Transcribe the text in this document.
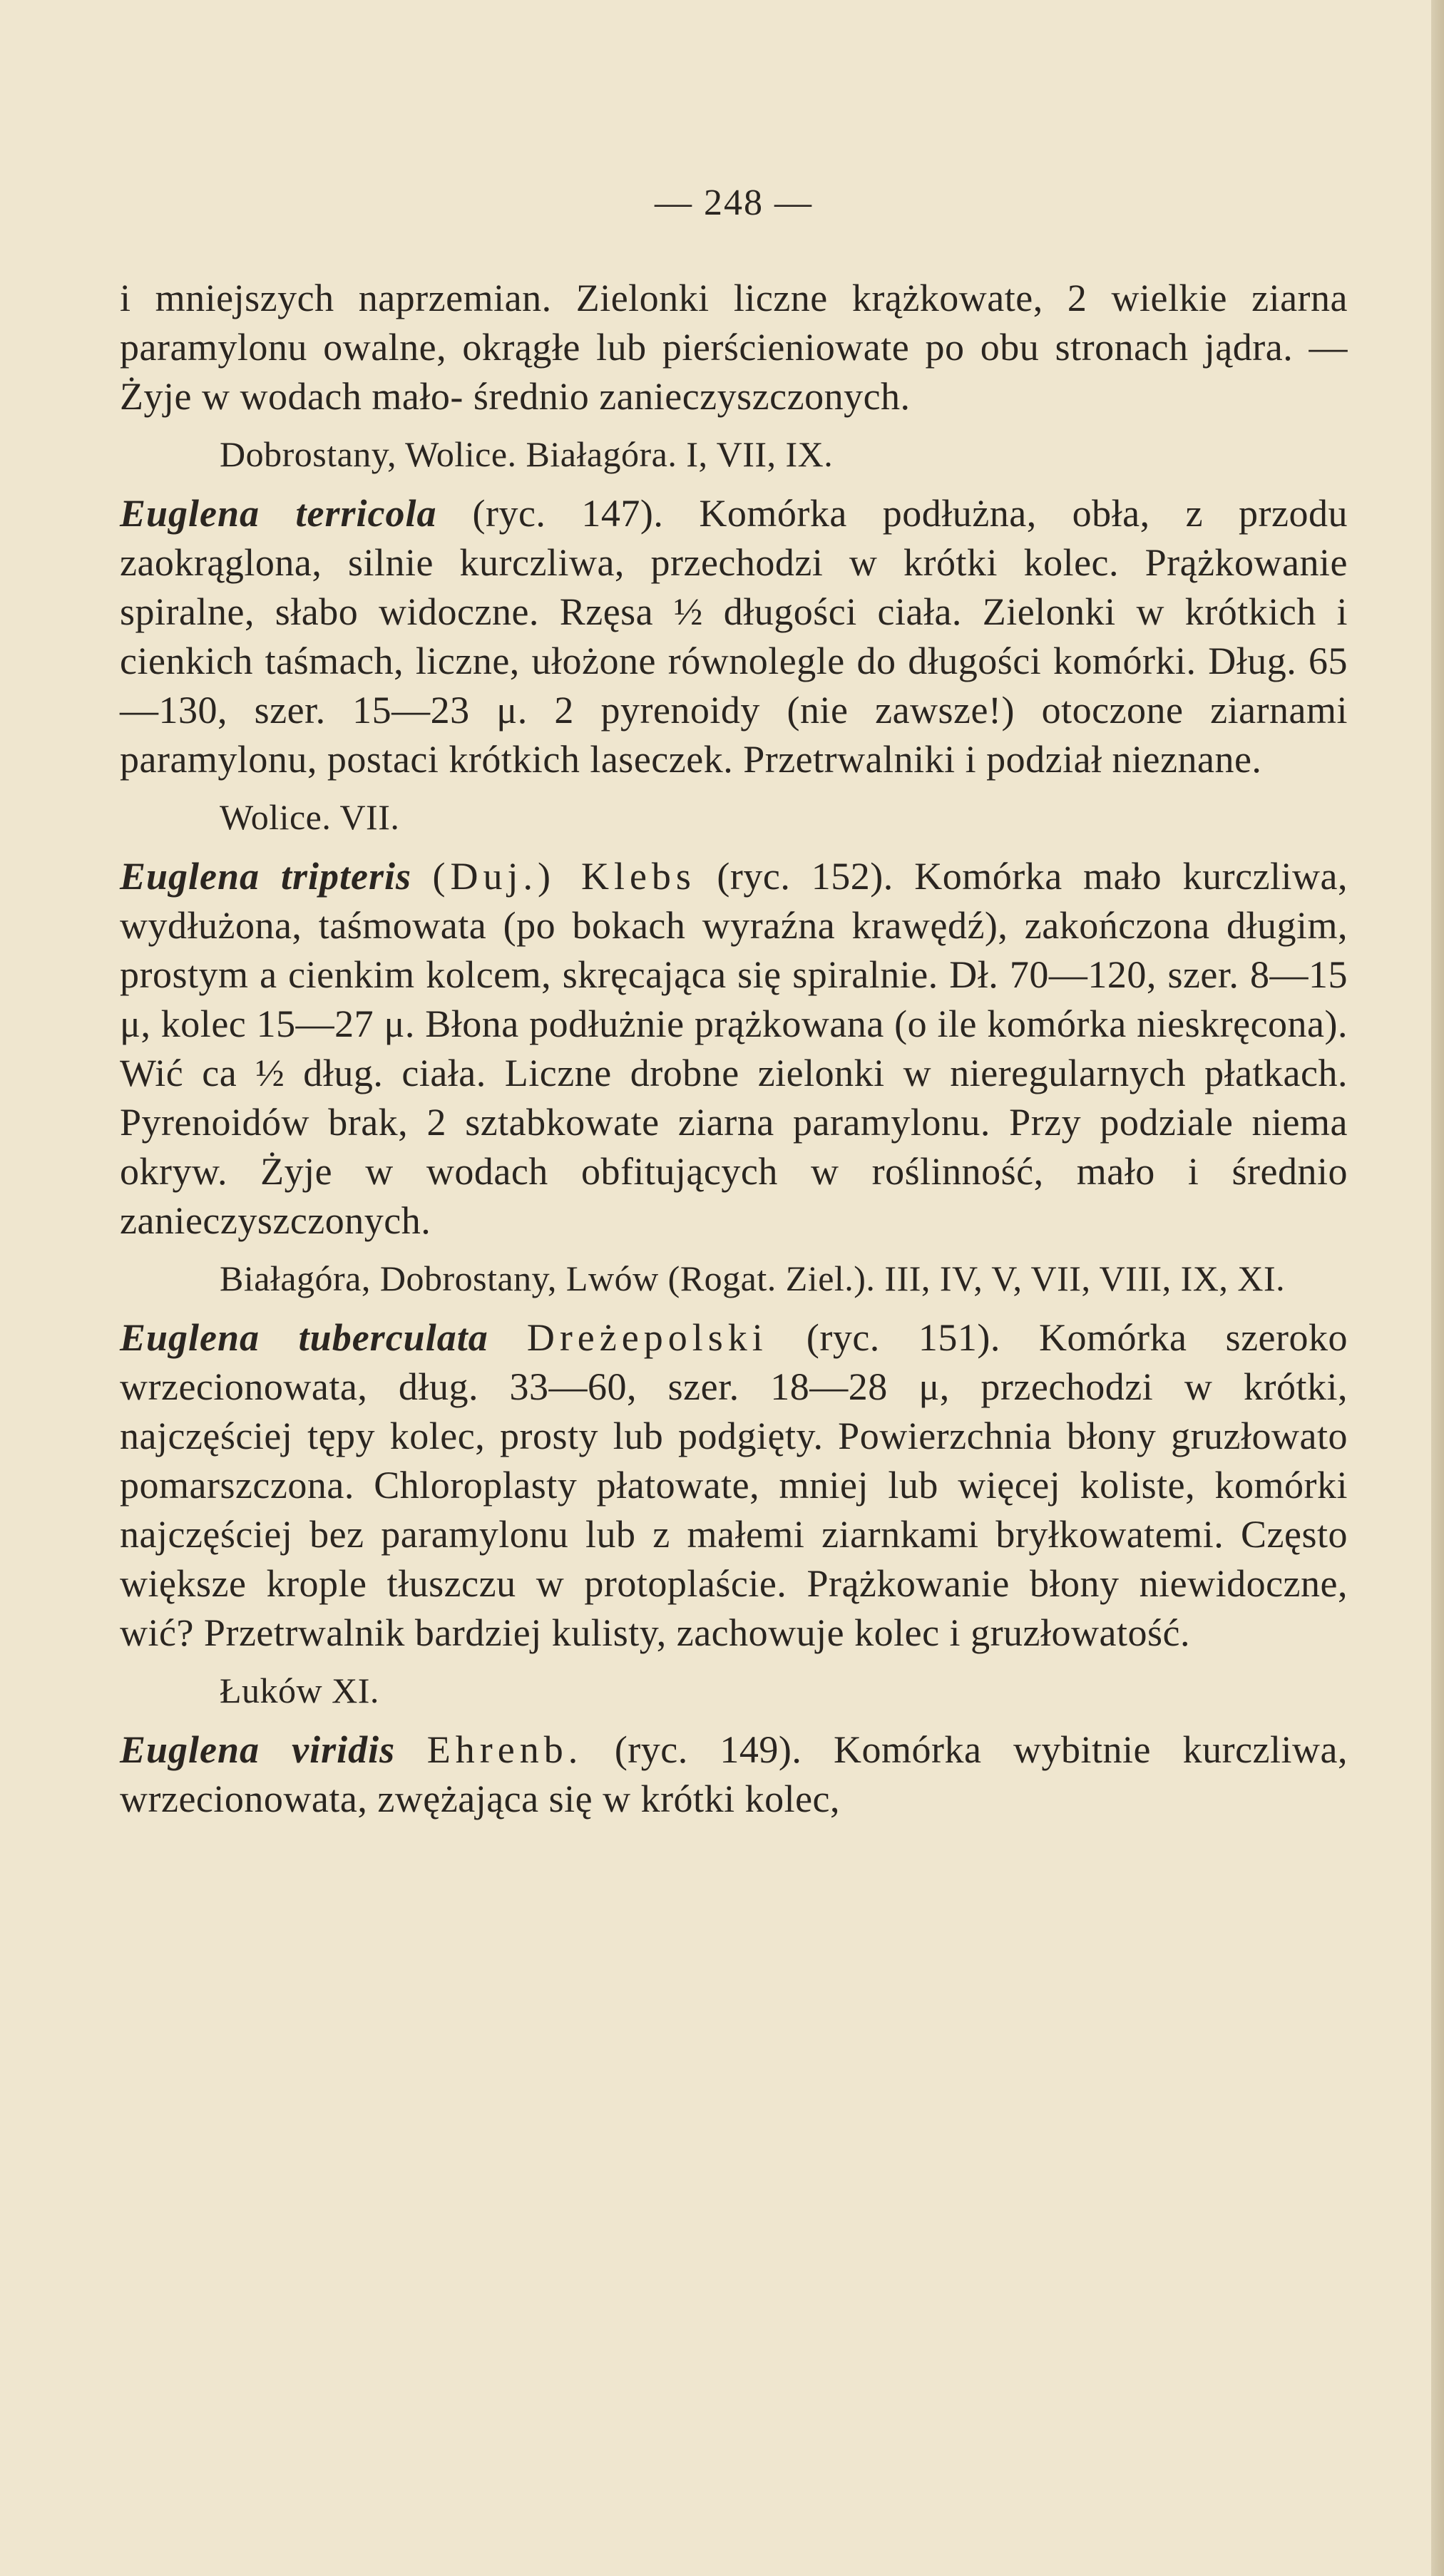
— 248 —

i mniejszych naprzemian. Zielonki liczne krążkowate, 2 wielkie ziarna paramylonu owalne, okrągłe lub pierścieniowate po obu stronach jądra. — Żyje w wodach mało- średnio zanieczyszczonych.

Dobrostany, Wolice. Białagóra. I, VII, IX.

Euglena terricola (ryc. 147). Komórka podłużna, obła, z przodu zaokrąglona, silnie kurczliwa, przechodzi w krótki kolec. Prążkowanie spiralne, słabo widoczne. Rzęsa ½ długości ciała. Zielonki w krótkich i cienkich taśmach, liczne, ułożone równolegle do długości komórki. Dług. 65—130, szer. 15—23 μ. 2 pyrenoidy (nie zawsze!) otoczone ziarnami paramylonu, postaci krótkich laseczek. Przetrwalniki i podział nieznane.

Wolice. VII.

Euglena tripteris (Duj.) Klebs (ryc. 152). Komórka mało kurczliwa, wydłużona, taśmowata (po bokach wyraźna krawędź), zakończona długim, prostym a cienkim kolcem, skręcająca się spiralnie. Dł. 70—120, szer. 8—15 μ, kolec 15—27 μ. Błona podłużnie prążkowana (o ile komórka nieskręcona). Wić ca ½ dług. ciała. Liczne drobne zielonki w nieregularnych płatkach. Pyrenoidów brak, 2 sztabkowate ziarna paramylonu. Przy podziale niema okryw. Żyje w wodach obfitujących w roślinność, mało i średnio zanieczyszczonych.

Białagóra, Dobrostany, Lwów (Rogat. Ziel.). III, IV, V, VII, VIII, IX, XI.

Euglena tuberculata Dreżepolski (ryc. 151). Komórka szeroko wrzecionowata, dług. 33—60, szer. 18—28 μ, przechodzi w krótki, najczęściej tępy kolec, prosty lub podgięty. Powierzchnia błony gruzłowato pomarszczona. Chloroplasty płatowate, mniej lub więcej koliste, komórki najczęściej bez paramylonu lub z małemi ziarnkami bryłkowatemi. Często większe krople tłuszczu w protoplaście. Prążkowanie błony niewidoczne, wić? Przetrwalnik bardziej kulisty, zachowuje kolec i gruzłowatość.

Łuków XI.

Euglena viridis Ehrenb. (ryc. 149). Komórka wybitnie kurczliwa, wrzecionowata, zwężająca się w krótki kolec,
